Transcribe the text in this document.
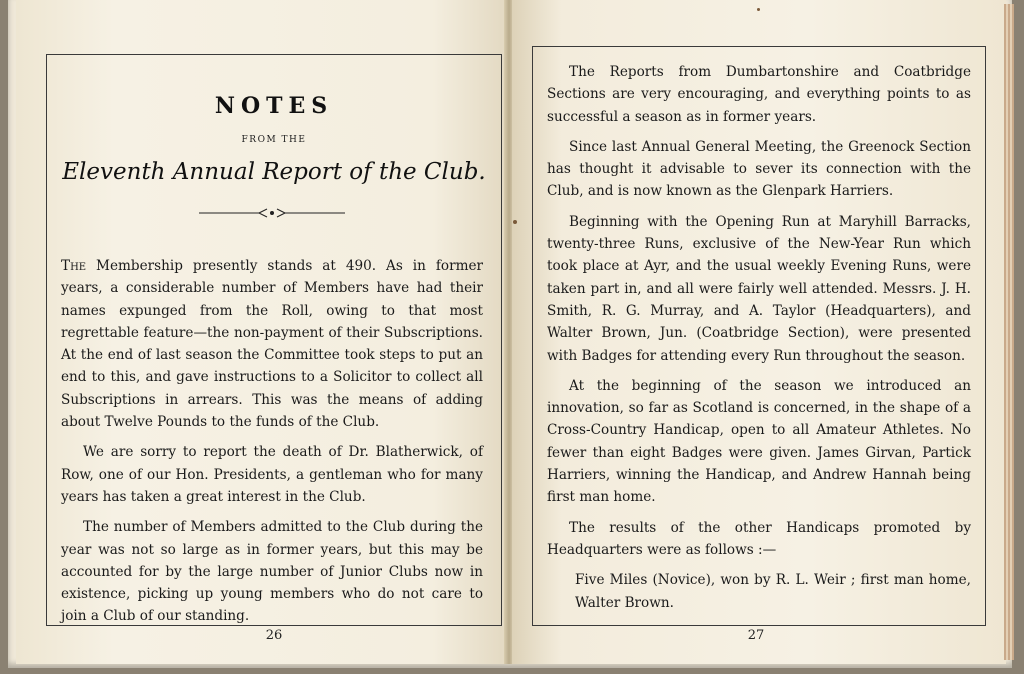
NOTES
FROM THE
Eleventh Annual Report of the Club.

The Membership presently stands at 490. As in former years, a considerable number of Members have had their names expunged from the Roll, owing to that most regrettable feature—the non-payment of their Subscriptions. At the end of last season the Committee took steps to put an end to this, and gave instructions to a Solicitor to collect all Subscriptions in arrears. This was the means of adding about Twelve Pounds to the funds of the Club.

We are sorry to report the death of Dr. Blatherwick, of Row, one of our Hon. Presidents, a gentleman who for many years has taken a great interest in the Club.

The number of Members admitted to the Club during the year was not so large as in former years, but this may be accounted for by the large number of Junior Clubs now in existence, picking up young members who do not care to join a Club of our standing.

26

The Reports from Dumbartonshire and Coatbridge Sections are very encouraging, and everything points to as successful a season as in former years.

Since last Annual General Meeting, the Greenock Section has thought it advisable to sever its connection with the Club, and is now known as the Glenpark Harriers.

Beginning with the Opening Run at Maryhill Barracks, twenty-three Runs, exclusive of the New-Year Run which took place at Ayr, and the usual weekly Evening Runs, were taken part in, and all were fairly well attended. Messrs. J. H. Smith, R. G. Murray, and A. Taylor (Headquarters), and Walter Brown, Jun. (Coatbridge Section), were presented with Badges for attending every Run throughout the season.

At the beginning of the season we introduced an innovation, so far as Scotland is concerned, in the shape of a Cross-Country Handicap, open to all Amateur Athletes. No fewer than eight Badges were given. James Girvan, Partick Harriers, winning the Handicap, and Andrew Hannah being first man home.

The results of the other Handicaps promoted by Headquarters were as follows :—

Five Miles (Novice), won by R. L. Weir ; first man home, Walter Brown.

27
